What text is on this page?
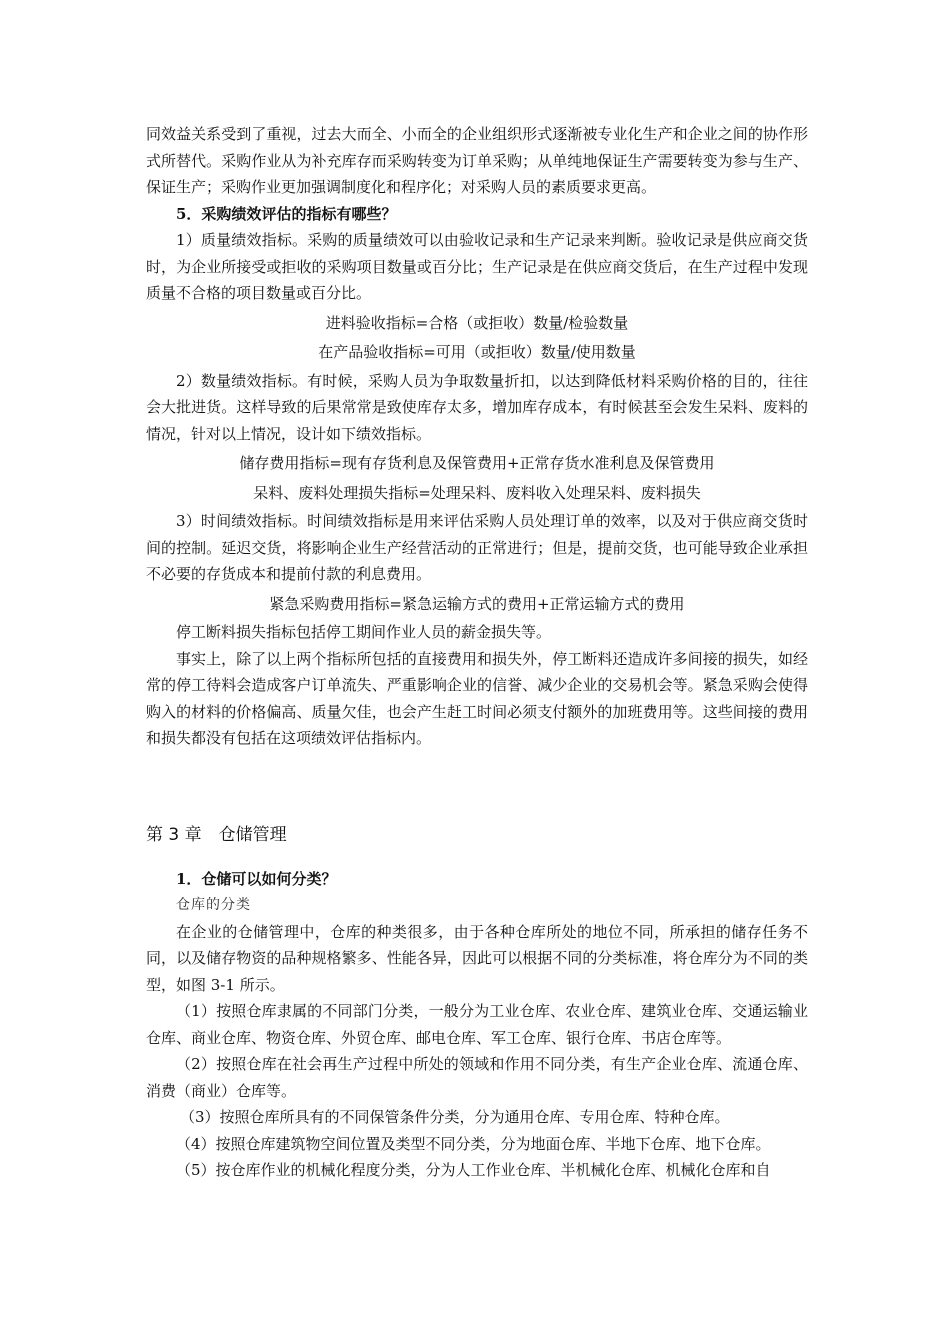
同效益关系受到了重视，过去大而全、小而全的企业组织形式逐渐被专业化生产和企业之间的协作形式所替代。采购作业从为补充库存而采购转变为订单采购；从单纯地保证生产需要转变为参与生产、保证生产；采购作业更加强调制度化和程序化；对采购人员的素质要求更高。

5．采购绩效评估的指标有哪些？

1）质量绩效指标。采购的质量绩效可以由验收记录和生产记录来判断。验收记录是供应商交货时，为企业所接受或拒收的采购项目数量或百分比；生产记录是在供应商交货后，在生产过程中发现质量不合格的项目数量或百分比。

进料验收指标=合格（或拒收）数量/检验数量

在产品验收指标=可用（或拒收）数量/使用数量

2）数量绩效指标。有时候，采购人员为争取数量折扣，以达到降低材料采购价格的目的，往往会大批进货。这样导致的后果常常是致使库存太多，增加库存成本，有时候甚至会发生呆料、废料的情况，针对以上情况，设计如下绩效指标。

储存费用指标=现有存货利息及保管费用+正常存货水准利息及保管费用

呆料、废料处理损失指标=处理呆料、废料收入处理呆料、废料损失

3）时间绩效指标。时间绩效指标是用来评估采购人员处理订单的效率，以及对于供应商交货时间的控制。延迟交货，将影响企业生产经营活动的正常进行；但是，提前交货，也可能导致企业承担不必要的存货成本和提前付款的利息费用。

紧急采购费用指标=紧急运输方式的费用+正常运输方式的费用

停工断料损失指标包括停工期间作业人员的薪金损失等。

事实上，除了以上两个指标所包括的直接费用和损失外，停工断料还造成许多间接的损失，如经常的停工待料会造成客户订单流失、严重影响企业的信誉、减少企业的交易机会等。紧急采购会使得购入的材料的价格偏高、质量欠佳，也会产生赶工时间必须支付额外的加班费用等。这些间接的费用和损失都没有包括在这项绩效评估指标内。

第 3 章　仓储管理

1．仓储可以如何分类？

仓库的分类

在企业的仓储管理中，仓库的种类很多，由于各种仓库所处的地位不同，所承担的储存任务不同，以及储存物资的品种规格繁多、性能各异，因此可以根据不同的分类标准，将仓库分为不同的类型，如图 3-1 所示。

（1）按照仓库隶属的不同部门分类，一般分为工业仓库、农业仓库、建筑业仓库、交通运输业仓库、商业仓库、物资仓库、外贸仓库、邮电仓库、军工仓库、银行仓库、书店仓库等。

（2）按照仓库在社会再生产过程中所处的领域和作用不同分类，有生产企业仓库、流通仓库、消费（商业）仓库等。

（3）按照仓库所具有的不同保管条件分类，分为通用仓库、专用仓库、特种仓库。

（4）按照仓库建筑物空间位置及类型不同分类，分为地面仓库、半地下仓库、地下仓库。

（5）按仓库作业的机械化程度分类，分为人工作业仓库、半机械化仓库、机械化仓库和自
